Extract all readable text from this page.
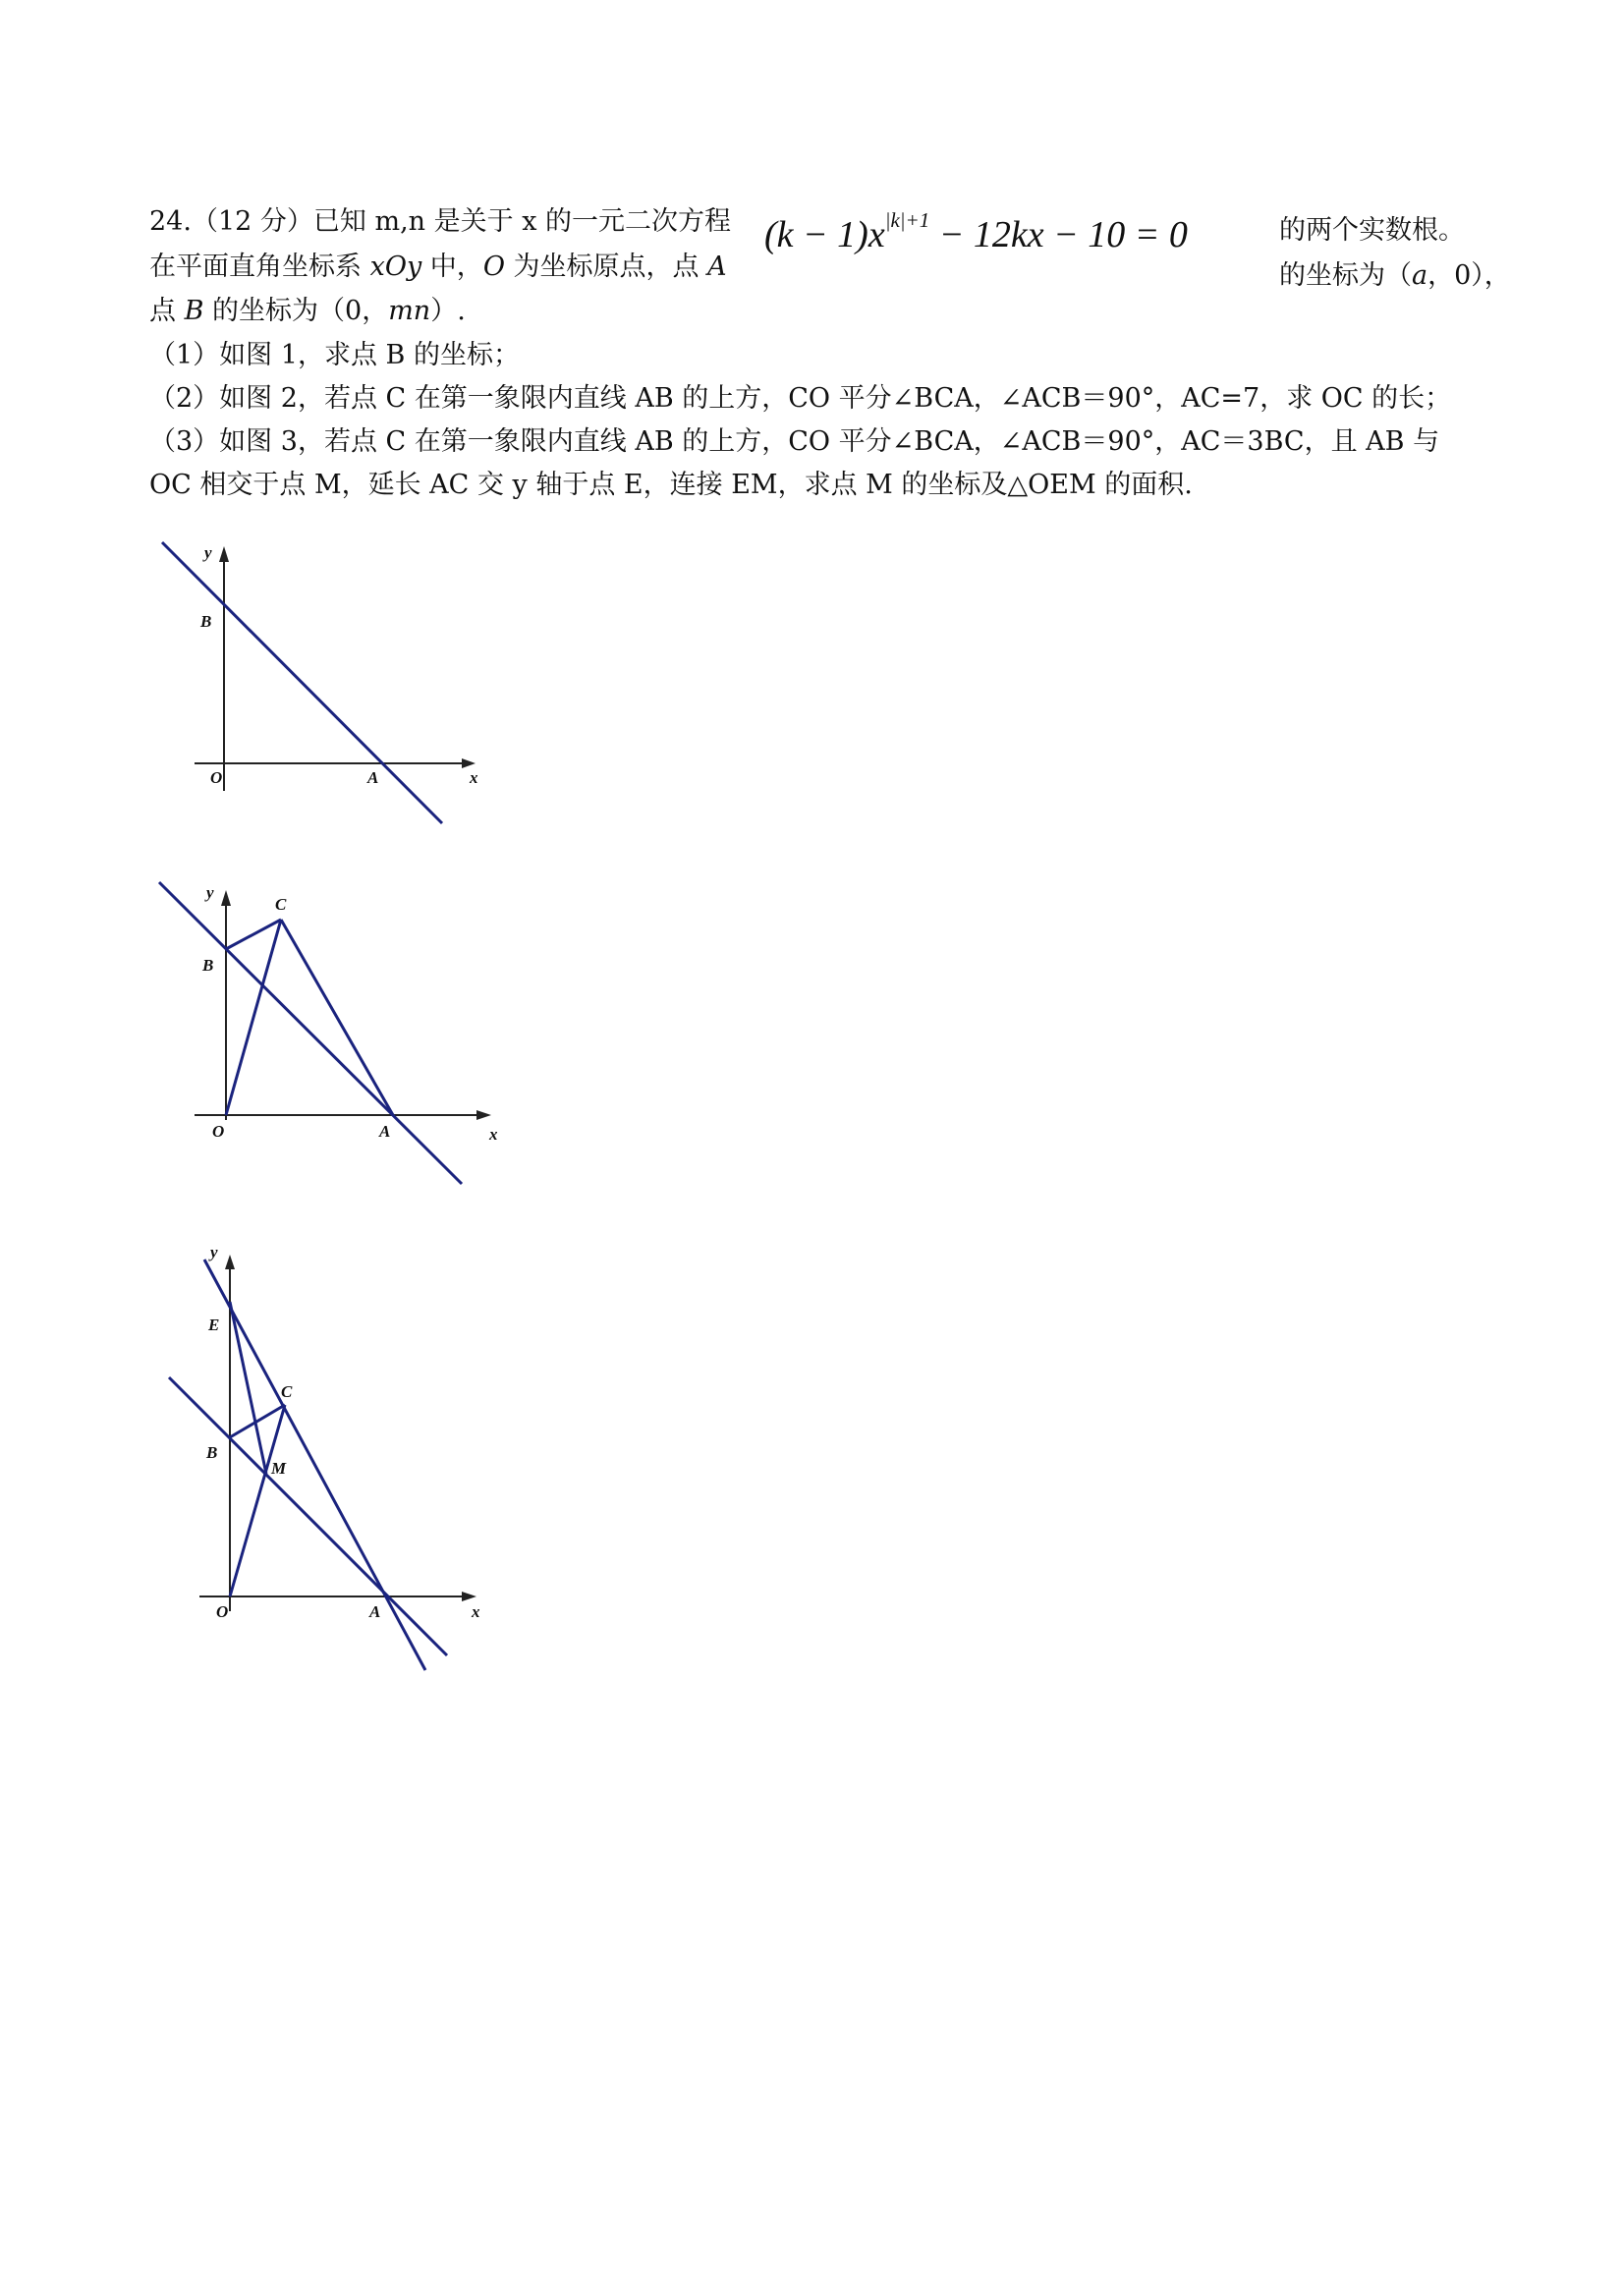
24.（12 分）已知 m,n 是关于 x 的一元二次方程 $(k - 1)x^{|k|+1} - 12kx - 10 = 0$	的两个实数根。
在平面直角坐标系 xOy 中，O 为坐标原点，点 A	的坐标为（a，0），
点 B 的坐标为（0，mn）.
（1）如图 1，求点 B 的坐标；
（2）如图 2，若点 C 在第一象限内直线 AB 的上方，CO 平分∠BCA，∠ACB＝90°，AC=7，求 OC 的长；
（3）如图 3，若点 C 在第一象限内直线 AB 的上方，CO 平分∠BCA，∠ACB＝90°，AC＝3BC，且 AB 与
OC 相交于点 M，延长 AC 交 y 轴于点 E，连接 EM，求点 M 的坐标及△OEM 的面积.
y
B
O	A	x
y
C
B
O	A	x
y
E
C
B
M
O	A	x
